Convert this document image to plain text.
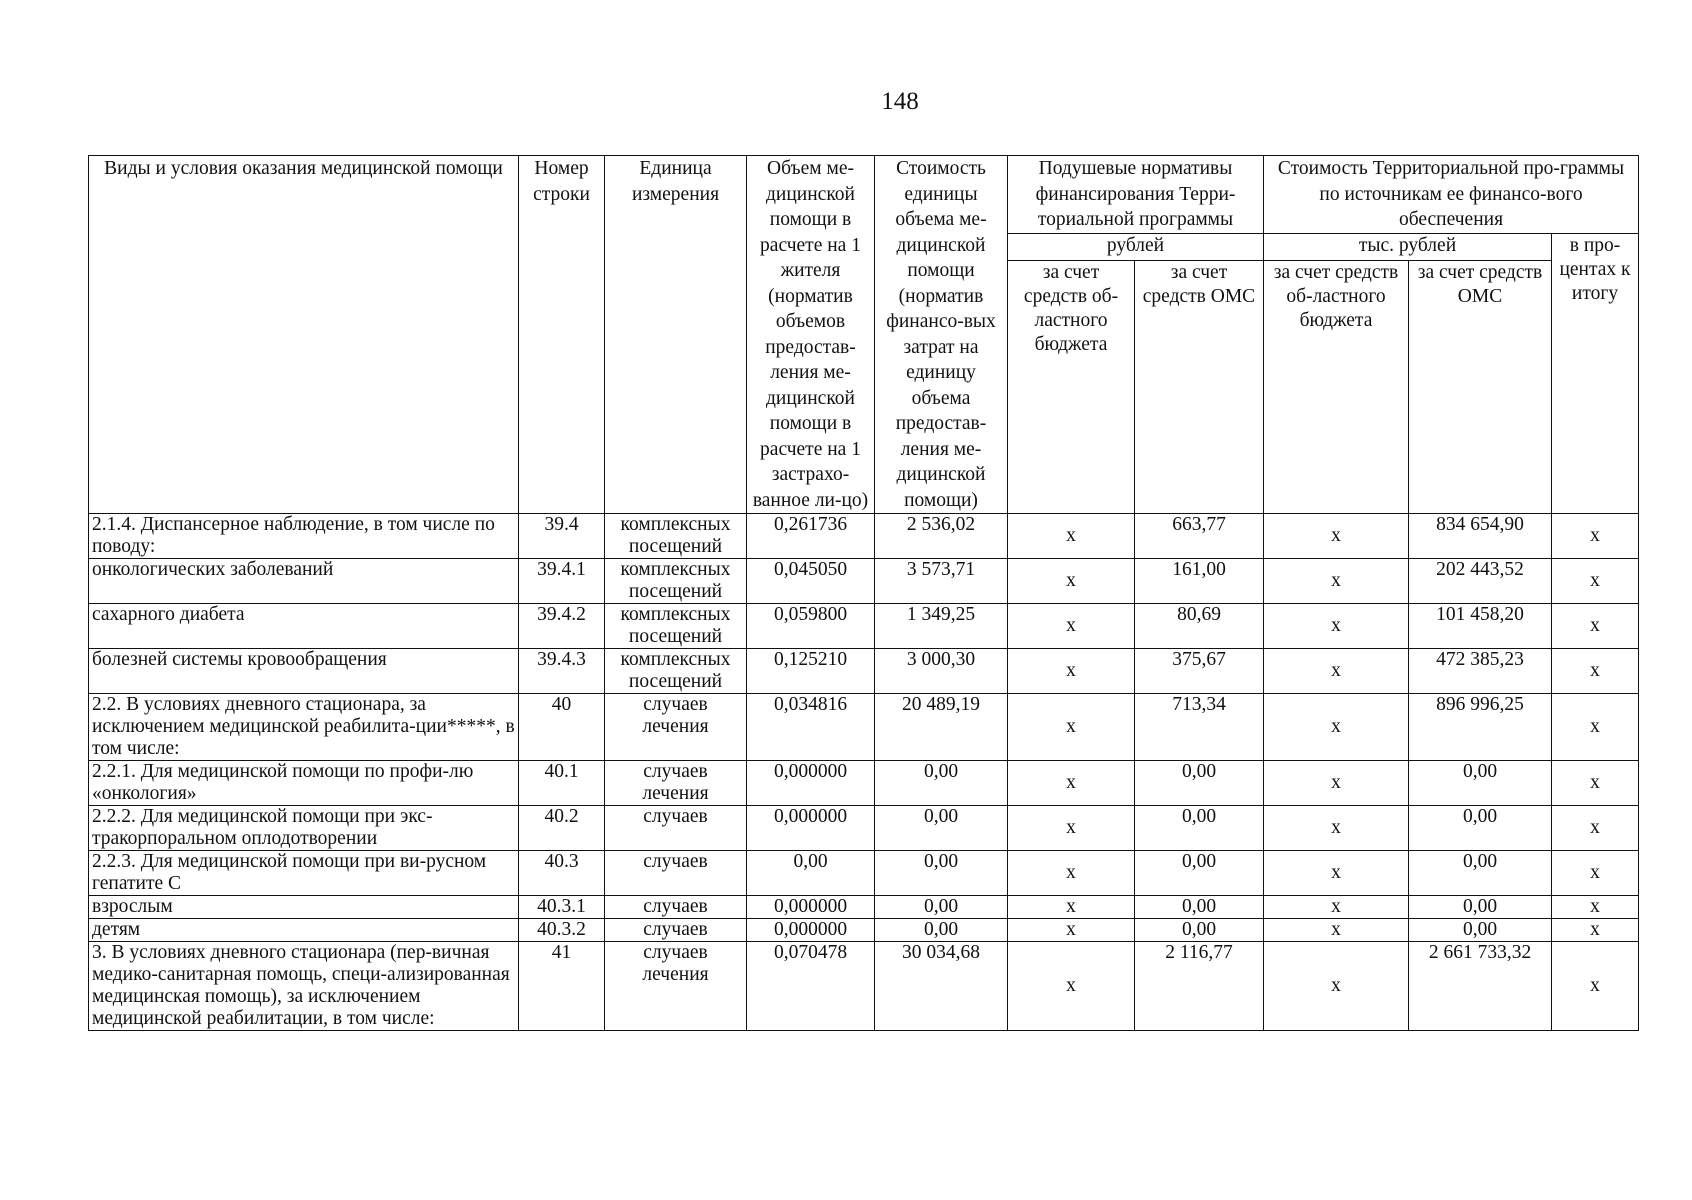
148
Виды и условия оказания медицинской помощи	Номер строки	Единица измерения	Объем ме-дицинской помощи в расчете на 1 жителя (норматив объемов предостав-ления ме-дицинской помощи в расчете на 1 застрахо-ванное ли-цо)	Стоимость единицы объема ме-дицинской помощи (норматив финансо-вых затрат на единицу объема предостав-ления ме-дицинской помощи)	Подушевые нормативы финансирования Терри-ториальной программы		Стоимость Территориальной про-граммы по источникам ее финансо-вого обеспечения		
					рублей		тыс. рублей		в про-центах к итогу
					за счет средств об-ластного бюджета	за счет средств ОМС	за счет средств об-ластного бюджета	за счет средств ОМС	
2.1.4. Диспансерное наблюдение, в том числе по поводу:	39.4	комплексных посещений	0,261736	2 536,02	х	663,77	х	834 654,90	х
онкологических заболеваний	39.4.1	комплексных посещений	0,045050	3 573,71	х	161,00	х	202 443,52	х
сахарного диабета	39.4.2	комплексных посещений	0,059800	1 349,25	х	80,69	х	101 458,20	х
болезней системы кровообращения	39.4.3	комплексных посещений	0,125210	3 000,30	х	375,67	х	472 385,23	х
2.2. В условиях дневного стационара, за исключением медицинской реабилита-ции*****, в том числе:	40	случаев лечения	0,034816	20 489,19	х	713,34	х	896 996,25	х
2.2.1. Для медицинской помощи по профи-лю «онкология»	40.1	случаев лечения	0,000000	0,00	х	0,00	х	0,00	х
2.2.2. Для медицинской помощи при экс-тракорпоральном оплодотворении	40.2	случаев	0,000000	0,00	х	0,00	х	0,00	х
2.2.3. Для медицинской помощи при ви-русном гепатите С	40.3	случаев	0,00	0,00	х	0,00	х	0,00	х
взрослым	40.3.1	случаев	0,000000	0,00	х	0,00	х	0,00	х
детям	40.3.2	случаев	0,000000	0,00	х	0,00	х	0,00	х
3. В условиях дневного стационара (пер-вичная медико-санитарная помощь, специ-ализированная медицинская помощь), за исключением медицинской реабилитации, в том числе:	41	случаев лечения	0,070478	30 034,68	х	2 116,77	х	2 661 733,32	х
